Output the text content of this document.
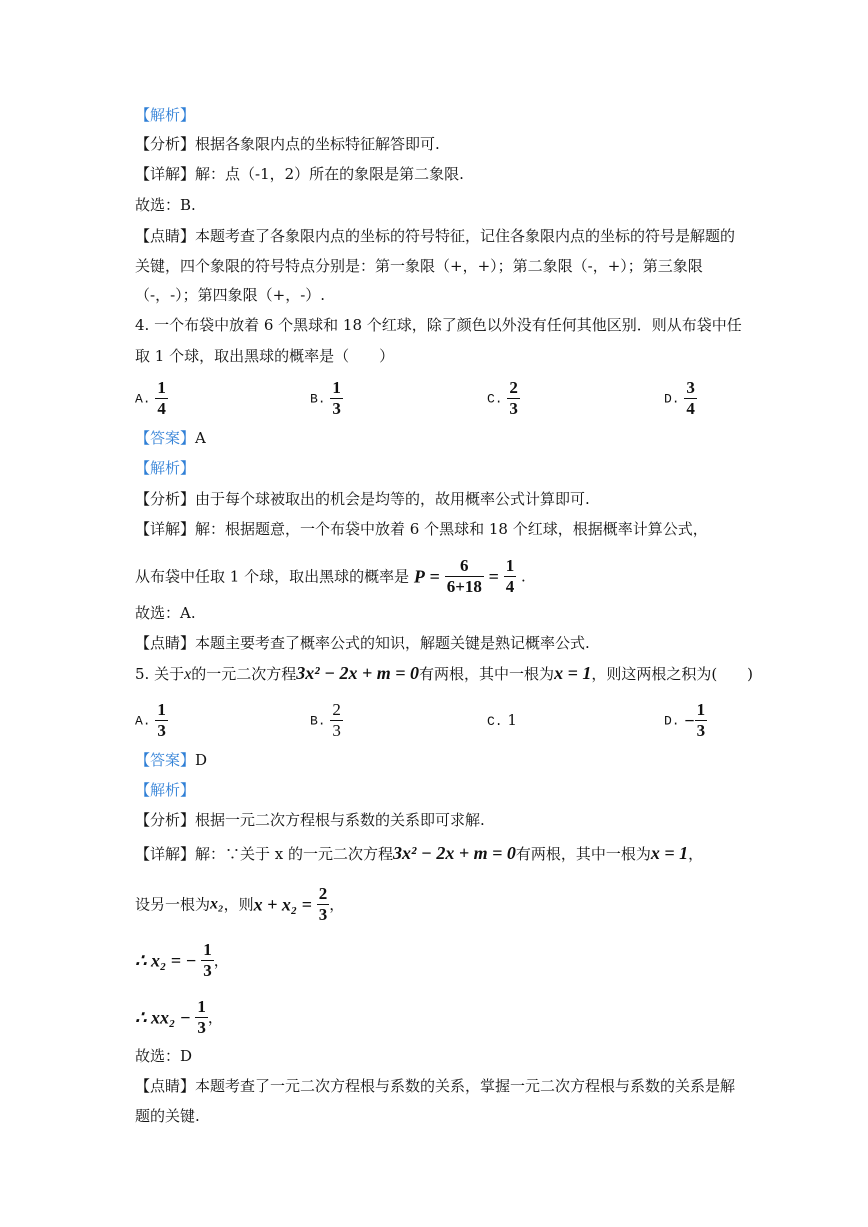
【解析】
【分析】根据各象限内点的坐标特征解答即可.
【详解】解：点（-1，2）所在的象限是第二象限.
故选：B.
【点睛】本题考查了各象限内点的坐标的符号特征，记住各象限内点的坐标的符号是解题的
关键，四个象限的符号特点分别是：第一象限（+，+）；第二象限（-，+）；第三象限
（-，-）；第四象限（+，-）.
4. 一个布袋中放着 6 个黑球和 18 个红球，除了颜色以外没有任何其他区别．则从布袋中任
取 1 个球，取出黑球的概率是（　　）
A. $\frac{1}{4}$	B. $\frac{1}{3}$	C. $\frac{2}{3}$	D. $\frac{3}{4}$
【答案】A
【解析】
【分析】由于每个球被取出的机会是均等的，故用概率公式计算即可.
【详解】解：根据题意，一个布袋中放着 6 个黑球和 18 个红球，根据概率计算公式，
从布袋中任取 1 个球，取出黑球的概率是 $P = \frac{6}{6+18} = \frac{1}{4}$ .
故选：A.
【点睛】本题主要考查了概率公式的知识，解题关键是熟记概率公式.
5. 关于x的一元二次方程3x² − 2x + m = 0有两根，其中一根为x = 1，则这两根之积为(　　)
A. $\frac{1}{3}$	B. $\frac{2}{3}$	C. 1	D. − $\frac{1}{3}$
【答案】D
【解析】
【分析】根据一元二次方程根与系数的关系即可求解.
【详解】解：∵关于 x 的一元二次方程3x² − 2x + m = 0有两根，其中一根为x = 1，
设另一根为x₂，则$x + x_2 = \frac{2}{3}$ ，
∴ x₂ = − $\frac{1}{3}$ ，
∴ $xx_2 - \frac{1}{3}$ ，
故选：D
【点睛】本题考查了一元二次方程根与系数的关系，掌握一元二次方程根与系数的关系是解
题的关键.
